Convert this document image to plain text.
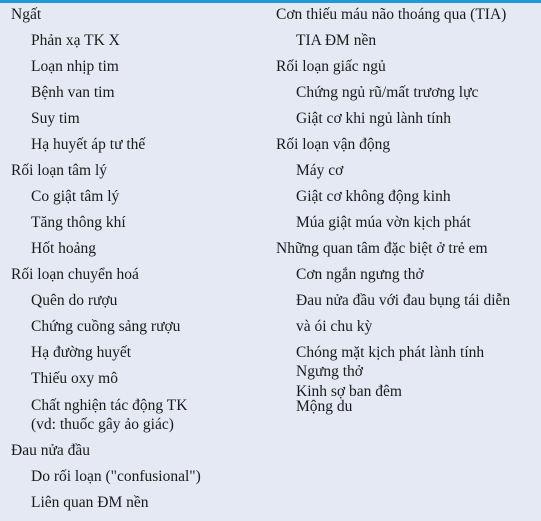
Ngất
Phản xạ TK X
Loạn nhịp tim
Bệnh van tim
Suy tim
Hạ huyết áp tư thế
Rối loạn tâm lý
Co giật tâm lý
Tăng thông khí
Hốt hoảng
Rối loạn chuyển hoá
Quên do rượu
Chứng cuồng sảng rượu
Hạ đường huyết
Thiếu oxy mô
Chất nghiện tác động TK
(vd: thuốc gây ảo giác)
Đau nửa đầu
Do rối loạn ("confusional")
Liên quan ĐM nền
Cơn thiếu máu não thoáng qua (TIA)
TIA ĐM nền
Rối loạn giấc ngủ
Chứng ngủ rũ/mất trương lực
Giật cơ khi ngủ lành tính
Rối loạn vận động
Máy cơ
Giật cơ không động kinh
Múa giật múa vờn kịch phát
Những quan tâm đặc biệt ở trẻ em
Cơn ngắn ngưng thở
Đau nửa đầu với đau bụng tái diễn
và ói chu kỳ
Chóng mặt kịch phát lành tính
Ngưng thở
Kinh sợ ban đêm
Mộng du
